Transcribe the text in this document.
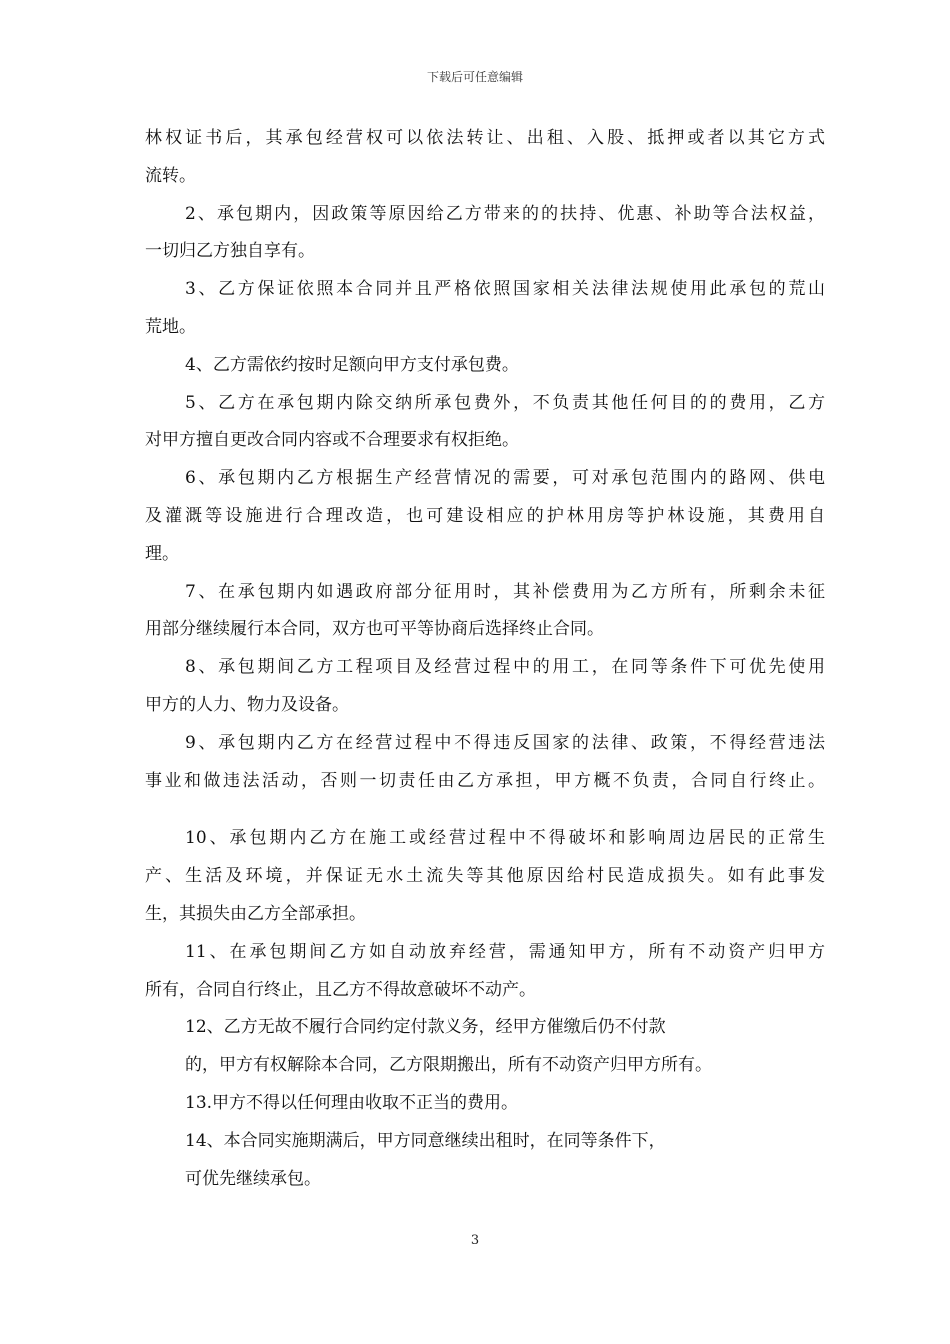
下载后可任意编辑
林权证书后，其承包经营权可以依法转让、出租、入股、抵押或者以其它方式
流转。
2、承包期内，因政策等原因给乙方带来的的扶持、优惠、补助等合法权益，
一切归乙方独自享有。
3、乙方保证依照本合同并且严格依照国家相关法律法规使用此承包的荒山
荒地。
4、乙方需依约按时足额向甲方支付承包费。
5、乙方在承包期内除交纳所承包费外，不负责其他任何目的的费用，乙方
对甲方擅自更改合同内容或不合理要求有权拒绝。
6、承包期内乙方根据生产经营情况的需要，可对承包范围内的路网、供电
及灌溉等设施进行合理改造，也可建设相应的护林用房等护林设施，其费用自
理。
7、在承包期内如遇政府部分征用时，其补偿费用为乙方所有，所剩余未征
用部分继续履行本合同，双方也可平等协商后选择终止合同。
8、承包期间乙方工程项目及经营过程中的用工，在同等条件下可优先使用
甲方的人力、物力及设备。
9、承包期内乙方在经营过程中不得违反国家的法律、政策，不得经营违法
事业和做违法活动，否则一切责任由乙方承担，甲方概不负责，合同自行终止。
10、承包期内乙方在施工或经营过程中不得破坏和影响周边居民的正常生
产、生活及环境，并保证无水土流失等其他原因给村民造成损失。如有此事发
生，其损失由乙方全部承担。
11、在承包期间乙方如自动放弃经营，需通知甲方，所有不动资产归甲方
所有，合同自行终止，且乙方不得故意破坏不动产。
12、乙方无故不履行合同约定付款义务，经甲方催缴后仍不付款
的，甲方有权解除本合同，乙方限期搬出，所有不动资产归甲方所有。
13.甲方不得以任何理由收取不正当的费用。
14、本合同实施期满后，甲方同意继续出租时，在同等条件下，
可优先继续承包。
3
